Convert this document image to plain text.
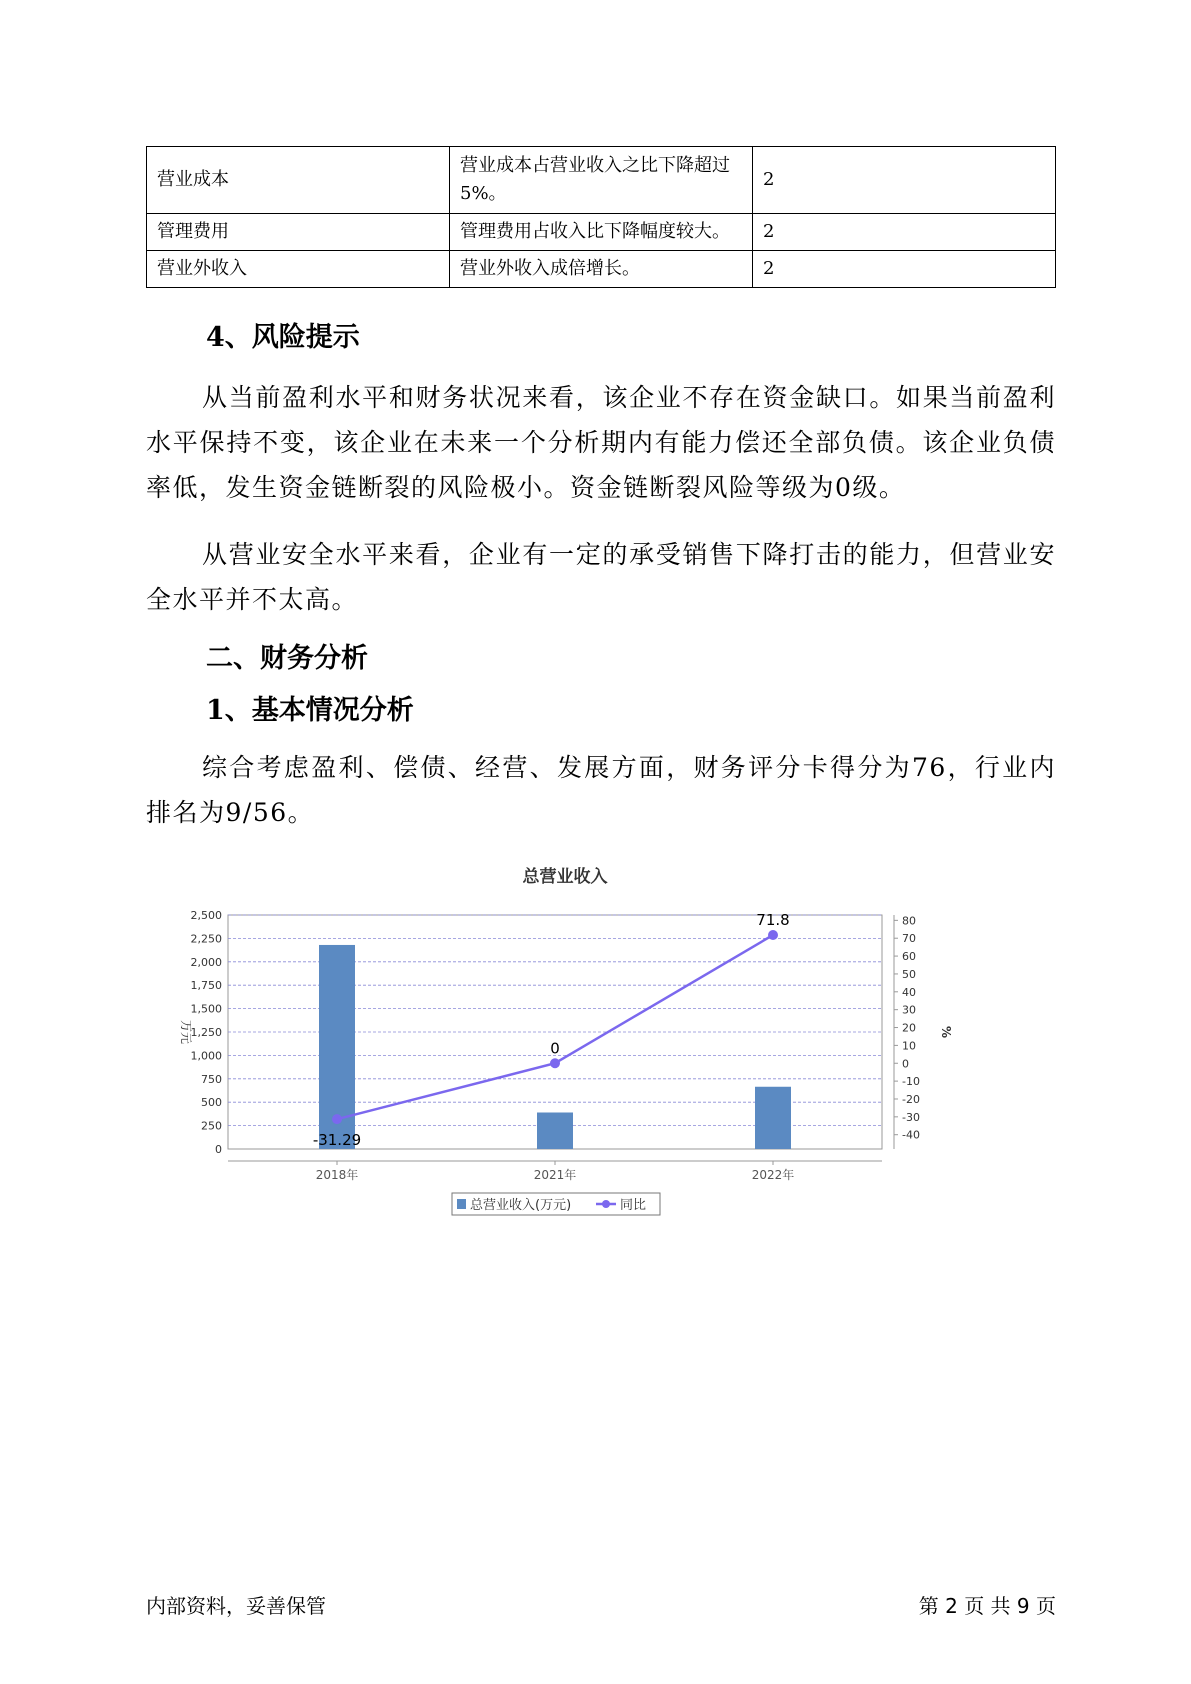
营业成本	营业成本占营业收入之比下降超过5%。	2
管理费用	管理费用占收入比下降幅度较大。	2
营业外收入	营业外收入成倍增长。	2
4、风险提示
从当前盈利水平和财务状况来看，该企业不存在资金缺口。如果当前盈利水平保持不变，该企业在未来一个分析期内有能力偿还全部负债。该企业负债率低，发生资金链断裂的风险极小。资金链断裂风险等级为0级。
从营业安全水平来看，企业有一定的承受销售下降打击的能力，但营业安全水平并不太高。
二、财务分析
1、基本情况分析
综合考虑盈利、偿债、经营、发展方面，财务评分卡得分为76，行业内排名为9/56。
总营业收入
0
250
500
750
1,000
1,250
1,500
1,750
2,000
2,250
2,500
-40
-30
-20
-10
0
10
20
30
40
50
60
70
80
万元	%
2018年	2021年	2022年
-31.29
0
71.8
总营业收入(万元)	同比
内部资料，妥善保管	第 2 页 共 9 页
